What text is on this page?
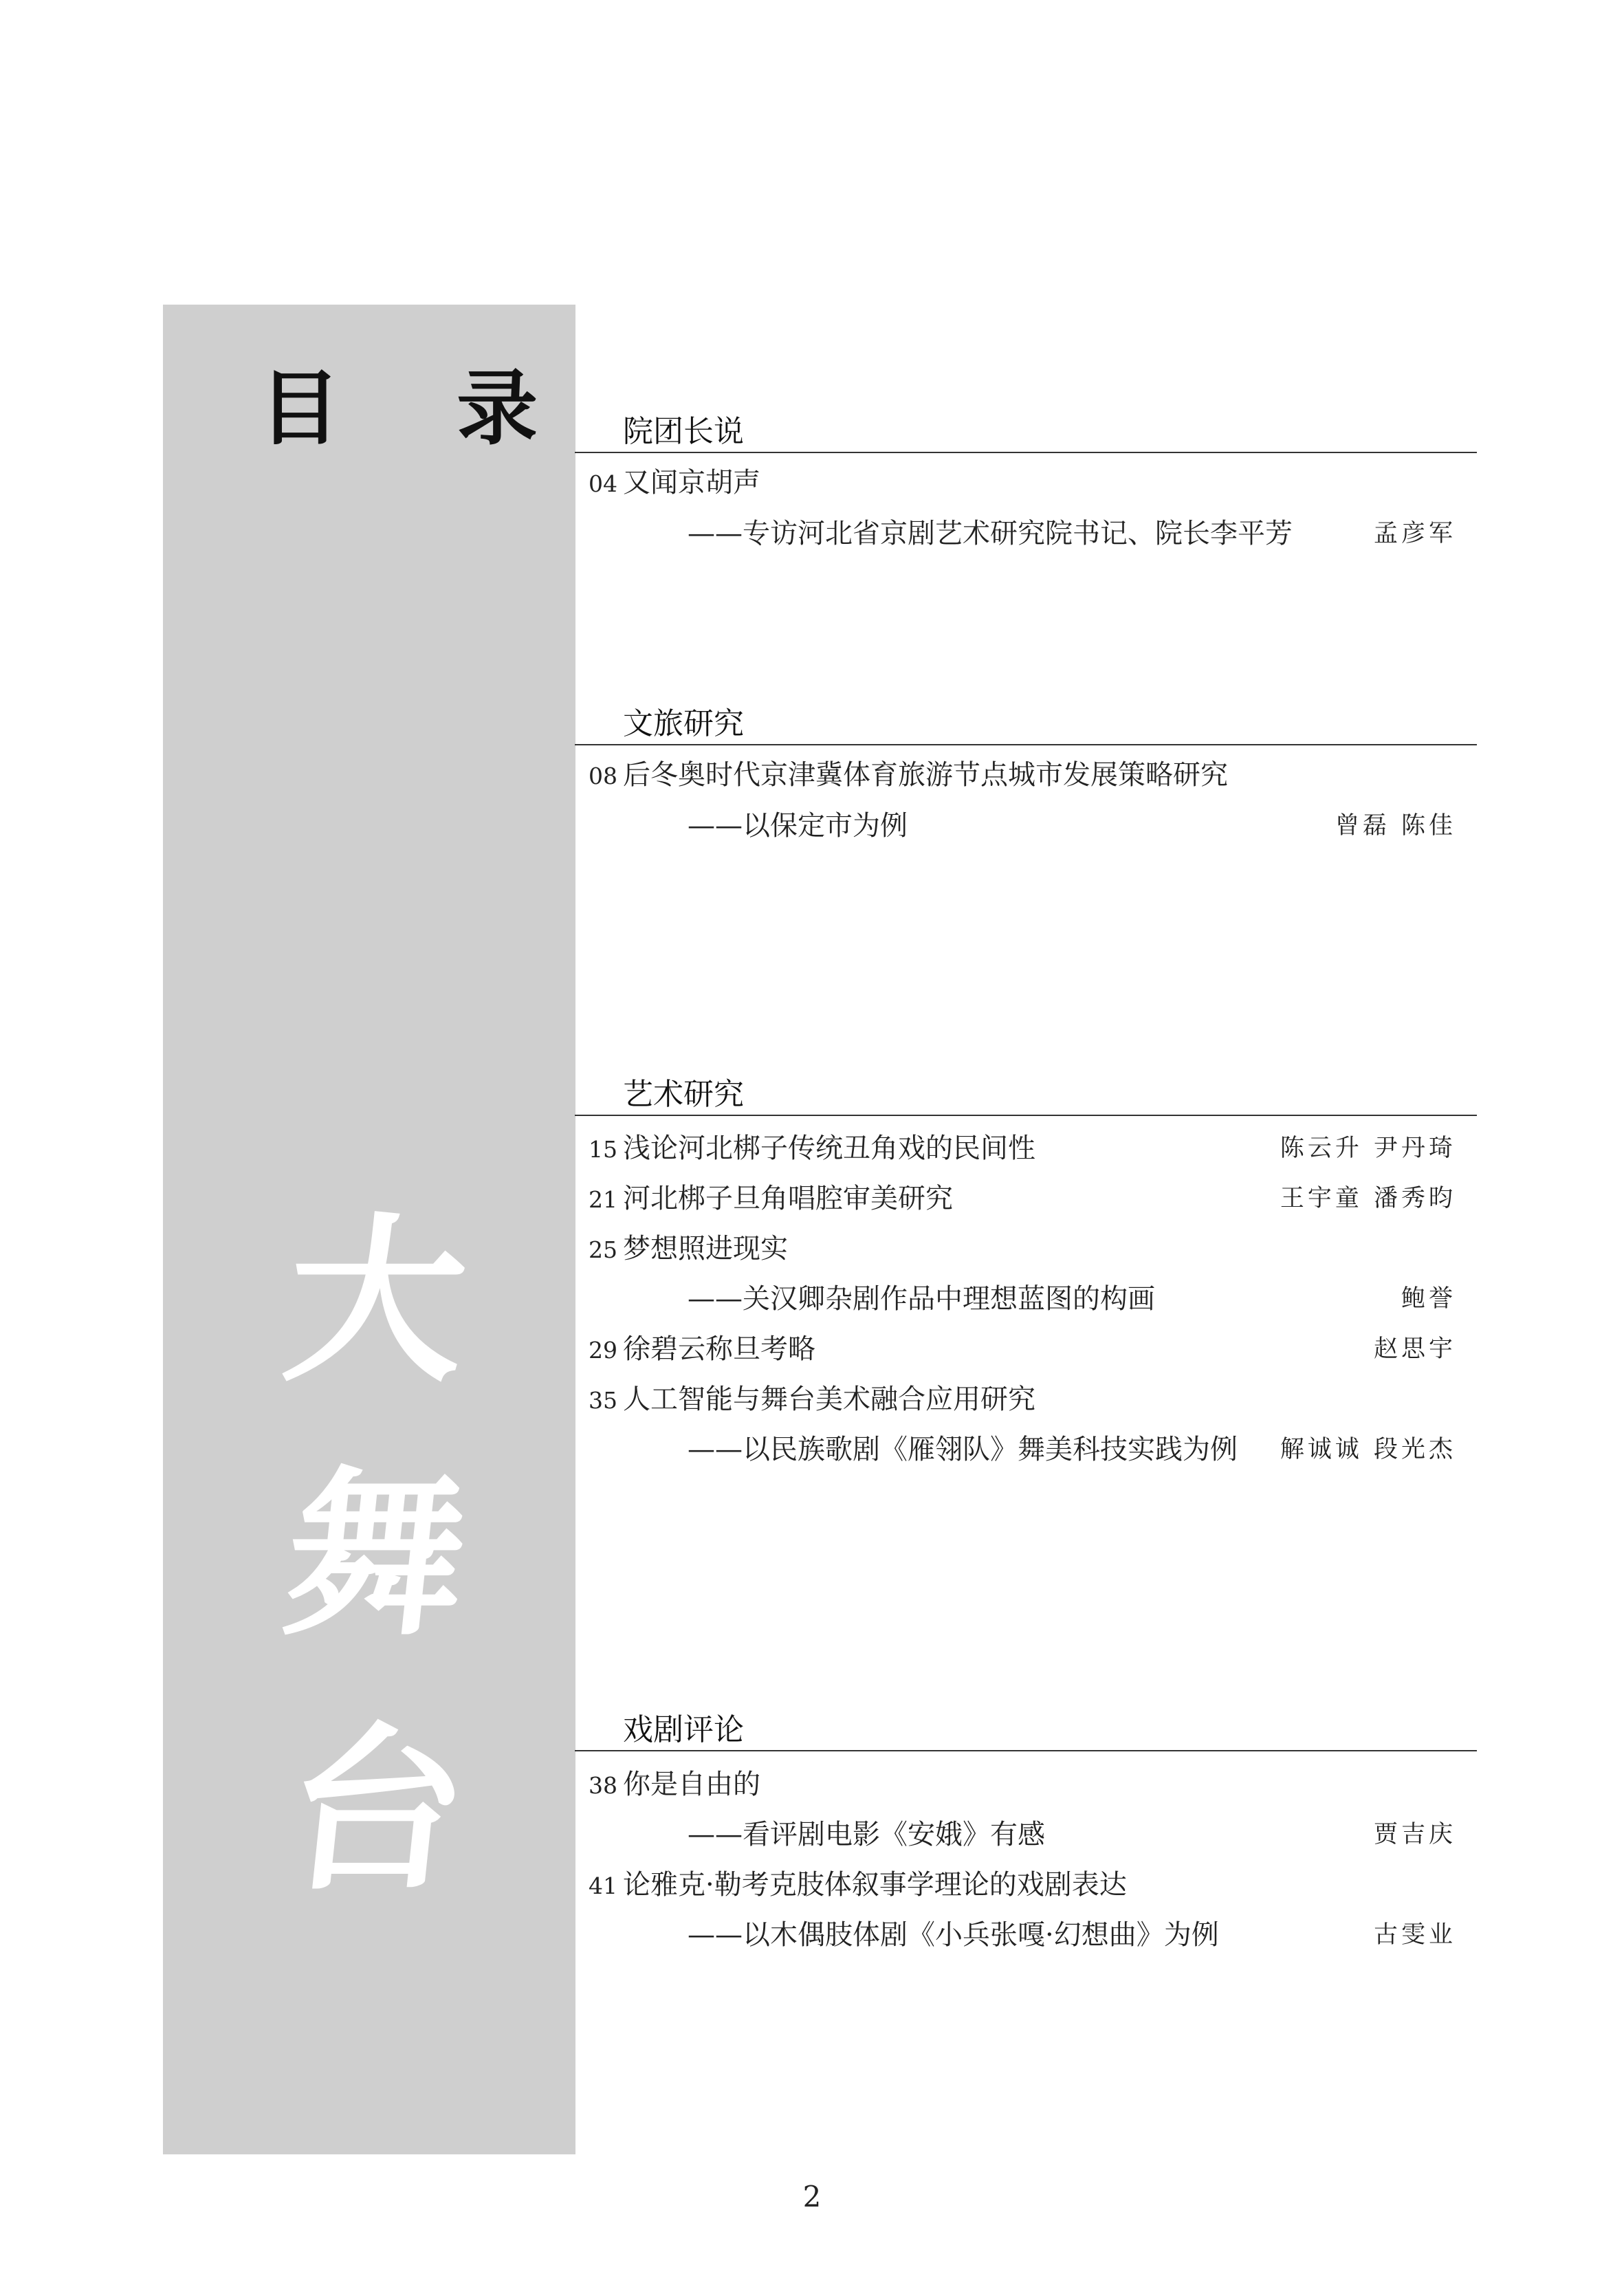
目 录
大
舞
台
院团长说
04 又闻京胡声
——专访河北省京剧艺术研究院书记、院长李平芳	孟彦军
文旅研究
08 后冬奥时代京津冀体育旅游节点城市发展策略研究
——以保定市为例	曾磊 陈佳
艺术研究
15 浅论河北梆子传统丑角戏的民间性	陈云升 尹丹琦
21 河北梆子旦角唱腔审美研究	王宇童 潘秀昀
25 梦想照进现实
——关汉卿杂剧作品中理想蓝图的构画	鲍誉
29 徐碧云称旦考略	赵思宇
35 人工智能与舞台美术融合应用研究
——以民族歌剧《雁翎队》舞美科技实践为例 解诚诚 段光杰
戏剧评论
38 你是自由的
——看评剧电影《安娥》有感	贾吉庆
41 论雅克·勒考克肢体叙事学理论的戏剧表达
——以木偶肢体剧《小兵张嘎·幻想曲》为例	古雯业
2
